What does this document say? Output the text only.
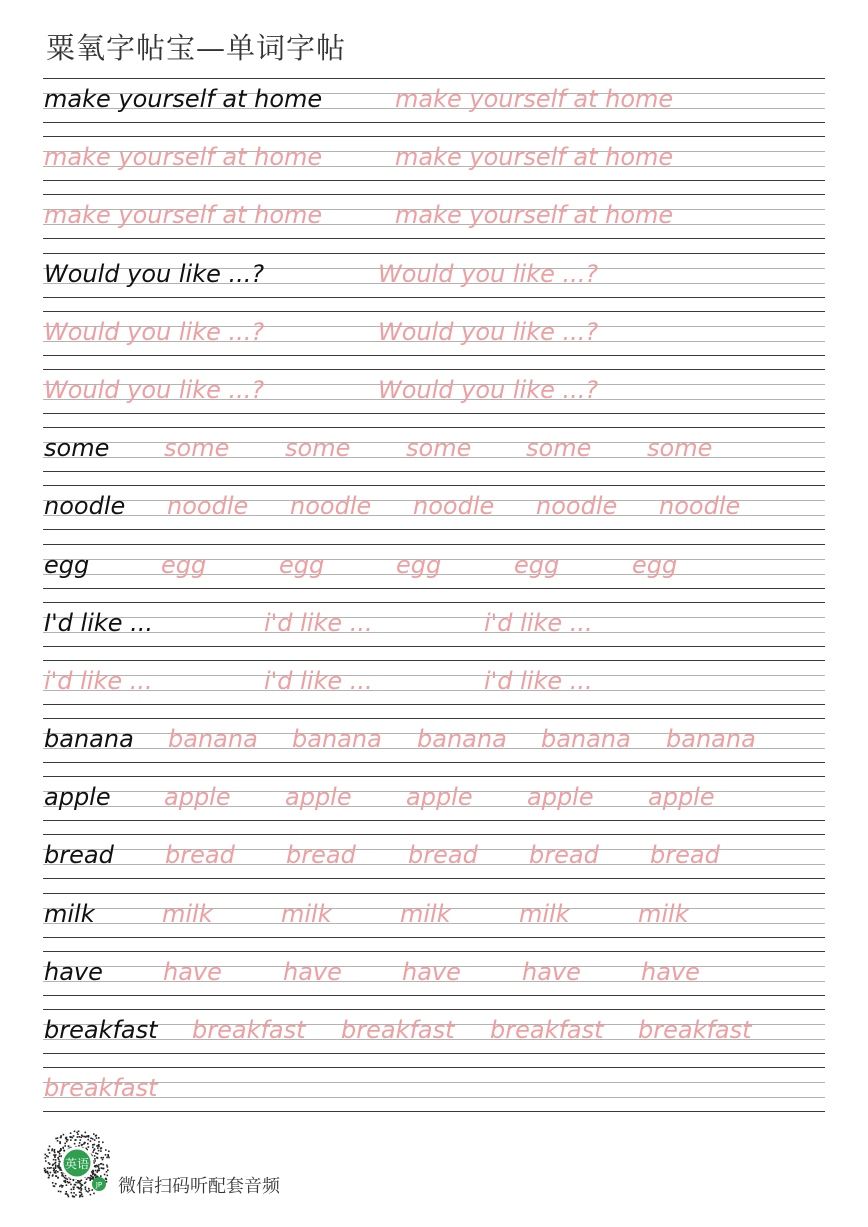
粟氧字帖宝—单词字帖
make yourself at home	make yourself at home
make yourself at home	make yourself at home
make yourself at home	make yourself at home
Would you like ...?	Would you like ...?
Would you like ...?	Would you like ...?
Would you like ...?	Would you like ...?
some some some some some some
noodle noodle noodle noodle noodle noodle
egg	egg	egg	egg	egg	egg
I'd like ...	i'd like ...	i'd like ...
i'd like ...	i'd like ...	i'd like ...
banana banana banana banana banana banana
apple apple apple apple apple apple
bread bread bread bread bread bread
milk	milk	milk	milk	milk	milk
have	have	have	have	have	have
breakfast breakfast breakfast breakfast breakfast
breakfast
英语
JP 微信扫码听配套音频
